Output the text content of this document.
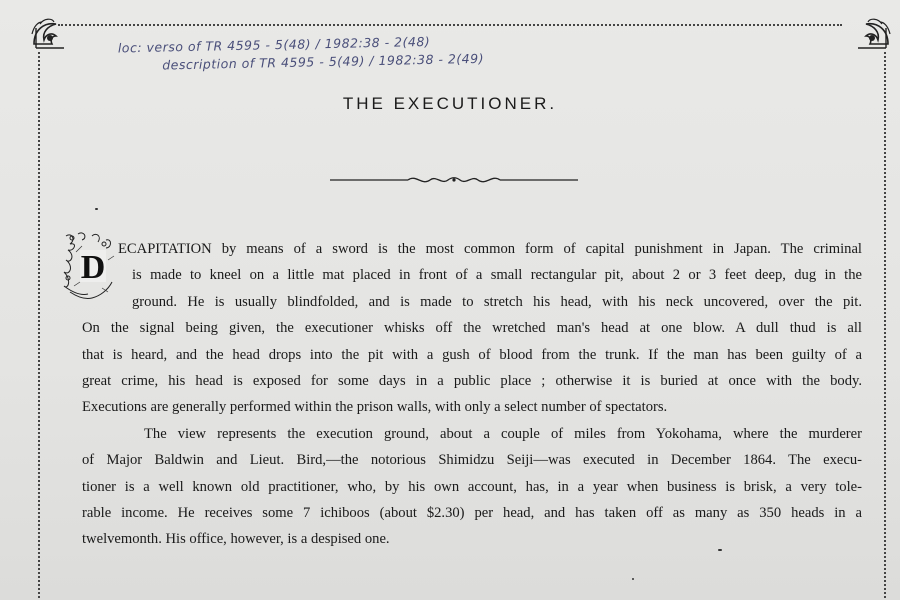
loc: verso of TR 4595 - 5(48) / 1982:38 - 2(48)
description of TR 4595 - 5(49) / 1982:38 - 2(49)
THE EXECUTIONER.
D ECAPITATION by means of a sword is the most common form of capital punishment in Japan. The criminal
is made to kneel on a little mat placed in front of a small rectangular pit, about 2 or 3 feet deep, dug in the
ground. He is usually blindfolded, and is made to stretch his head, with his neck uncovered, over the pit.
On the signal being given, the executioner whisks off the wretched man's head at one blow. A dull thud is all
that is heard, and the head drops into the pit with a gush of blood from the trunk. If the man has been guilty of a
great crime, his head is exposed for some days in a public place ; otherwise it is buried at once with the body.
Executions are generally performed within the prison walls, with only a select number of spectators.
The view represents the execution ground, about a couple of miles from Yokohama, where the murderer
of Major Baldwin and Lieut. Bird,—the notorious Shimidzu Seiji—was executed in December 1864. The execu-
tioner is a well known old practitioner, who, by his own account, has, in a year when business is brisk, a very tole-
rable income. He receives some 7 ichiboos (about $2.30) per head, and has taken off as many as 350 heads in a
twelvemonth. His office, however, is a despised one.
